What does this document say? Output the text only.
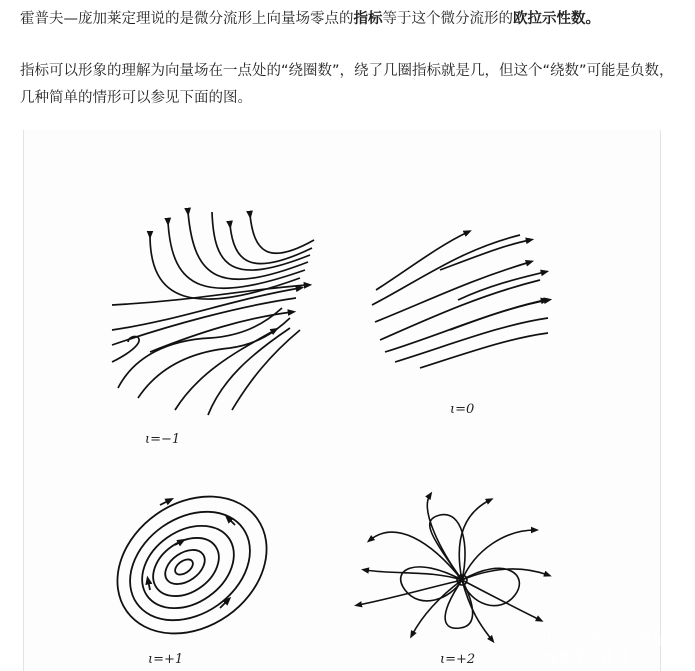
霍普夫—庞加莱定理说的是微分流形上向量场零点的指标等于这个微分流形的欧拉示性数。

指标可以形象的理解为向量场在一点处的“绕圈数”，绕了几圈指标就是几，但这个“绕数”可能是负数，几种简单的情形可以参见下面的图。

ι=−1
ι=0
ι=+1	ι=+2
知乎 @炮哥的鼹鼠
头条 @数学沿此借
